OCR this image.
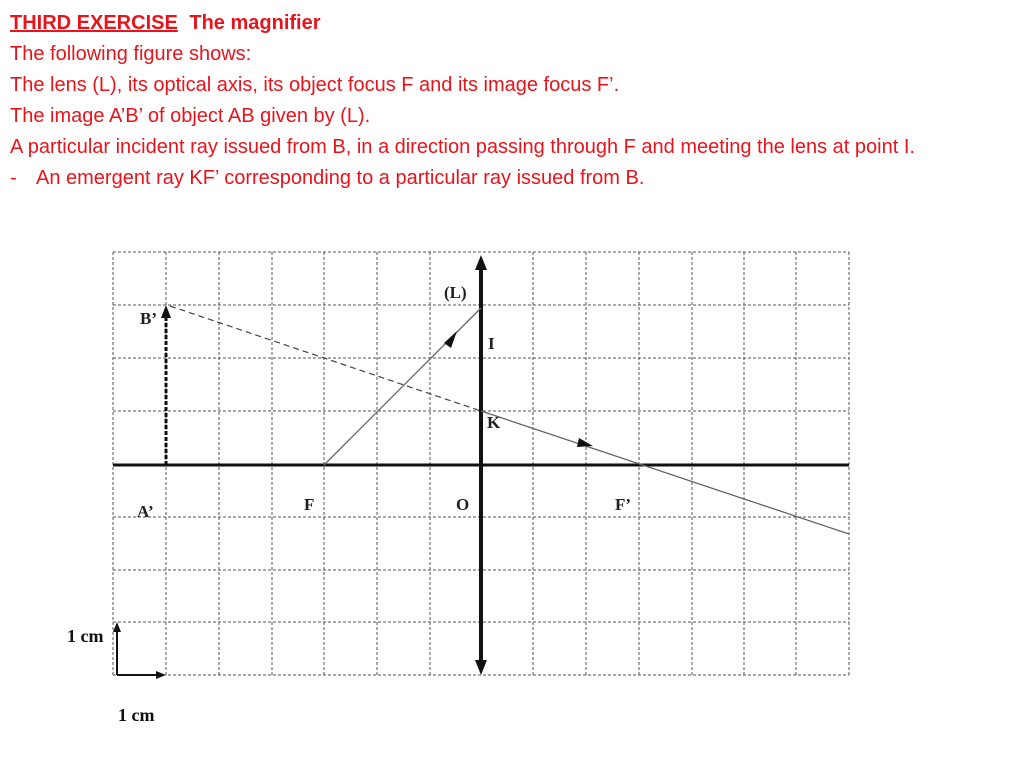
THIRD EXERCISE The magnifier

The following figure shows:

The lens (L), its optical axis, its object focus F and its image focus F’.

The image A’B’ of object AB given by (L).

A particular incident ray issued from B, in a direction passing through F and meeting the lens at point I.

- An emergent ray KF’ corresponding to a particular ray issued from B.

(L)
B’
I
K
A’	F	O	F’
1 cm
1 cm
